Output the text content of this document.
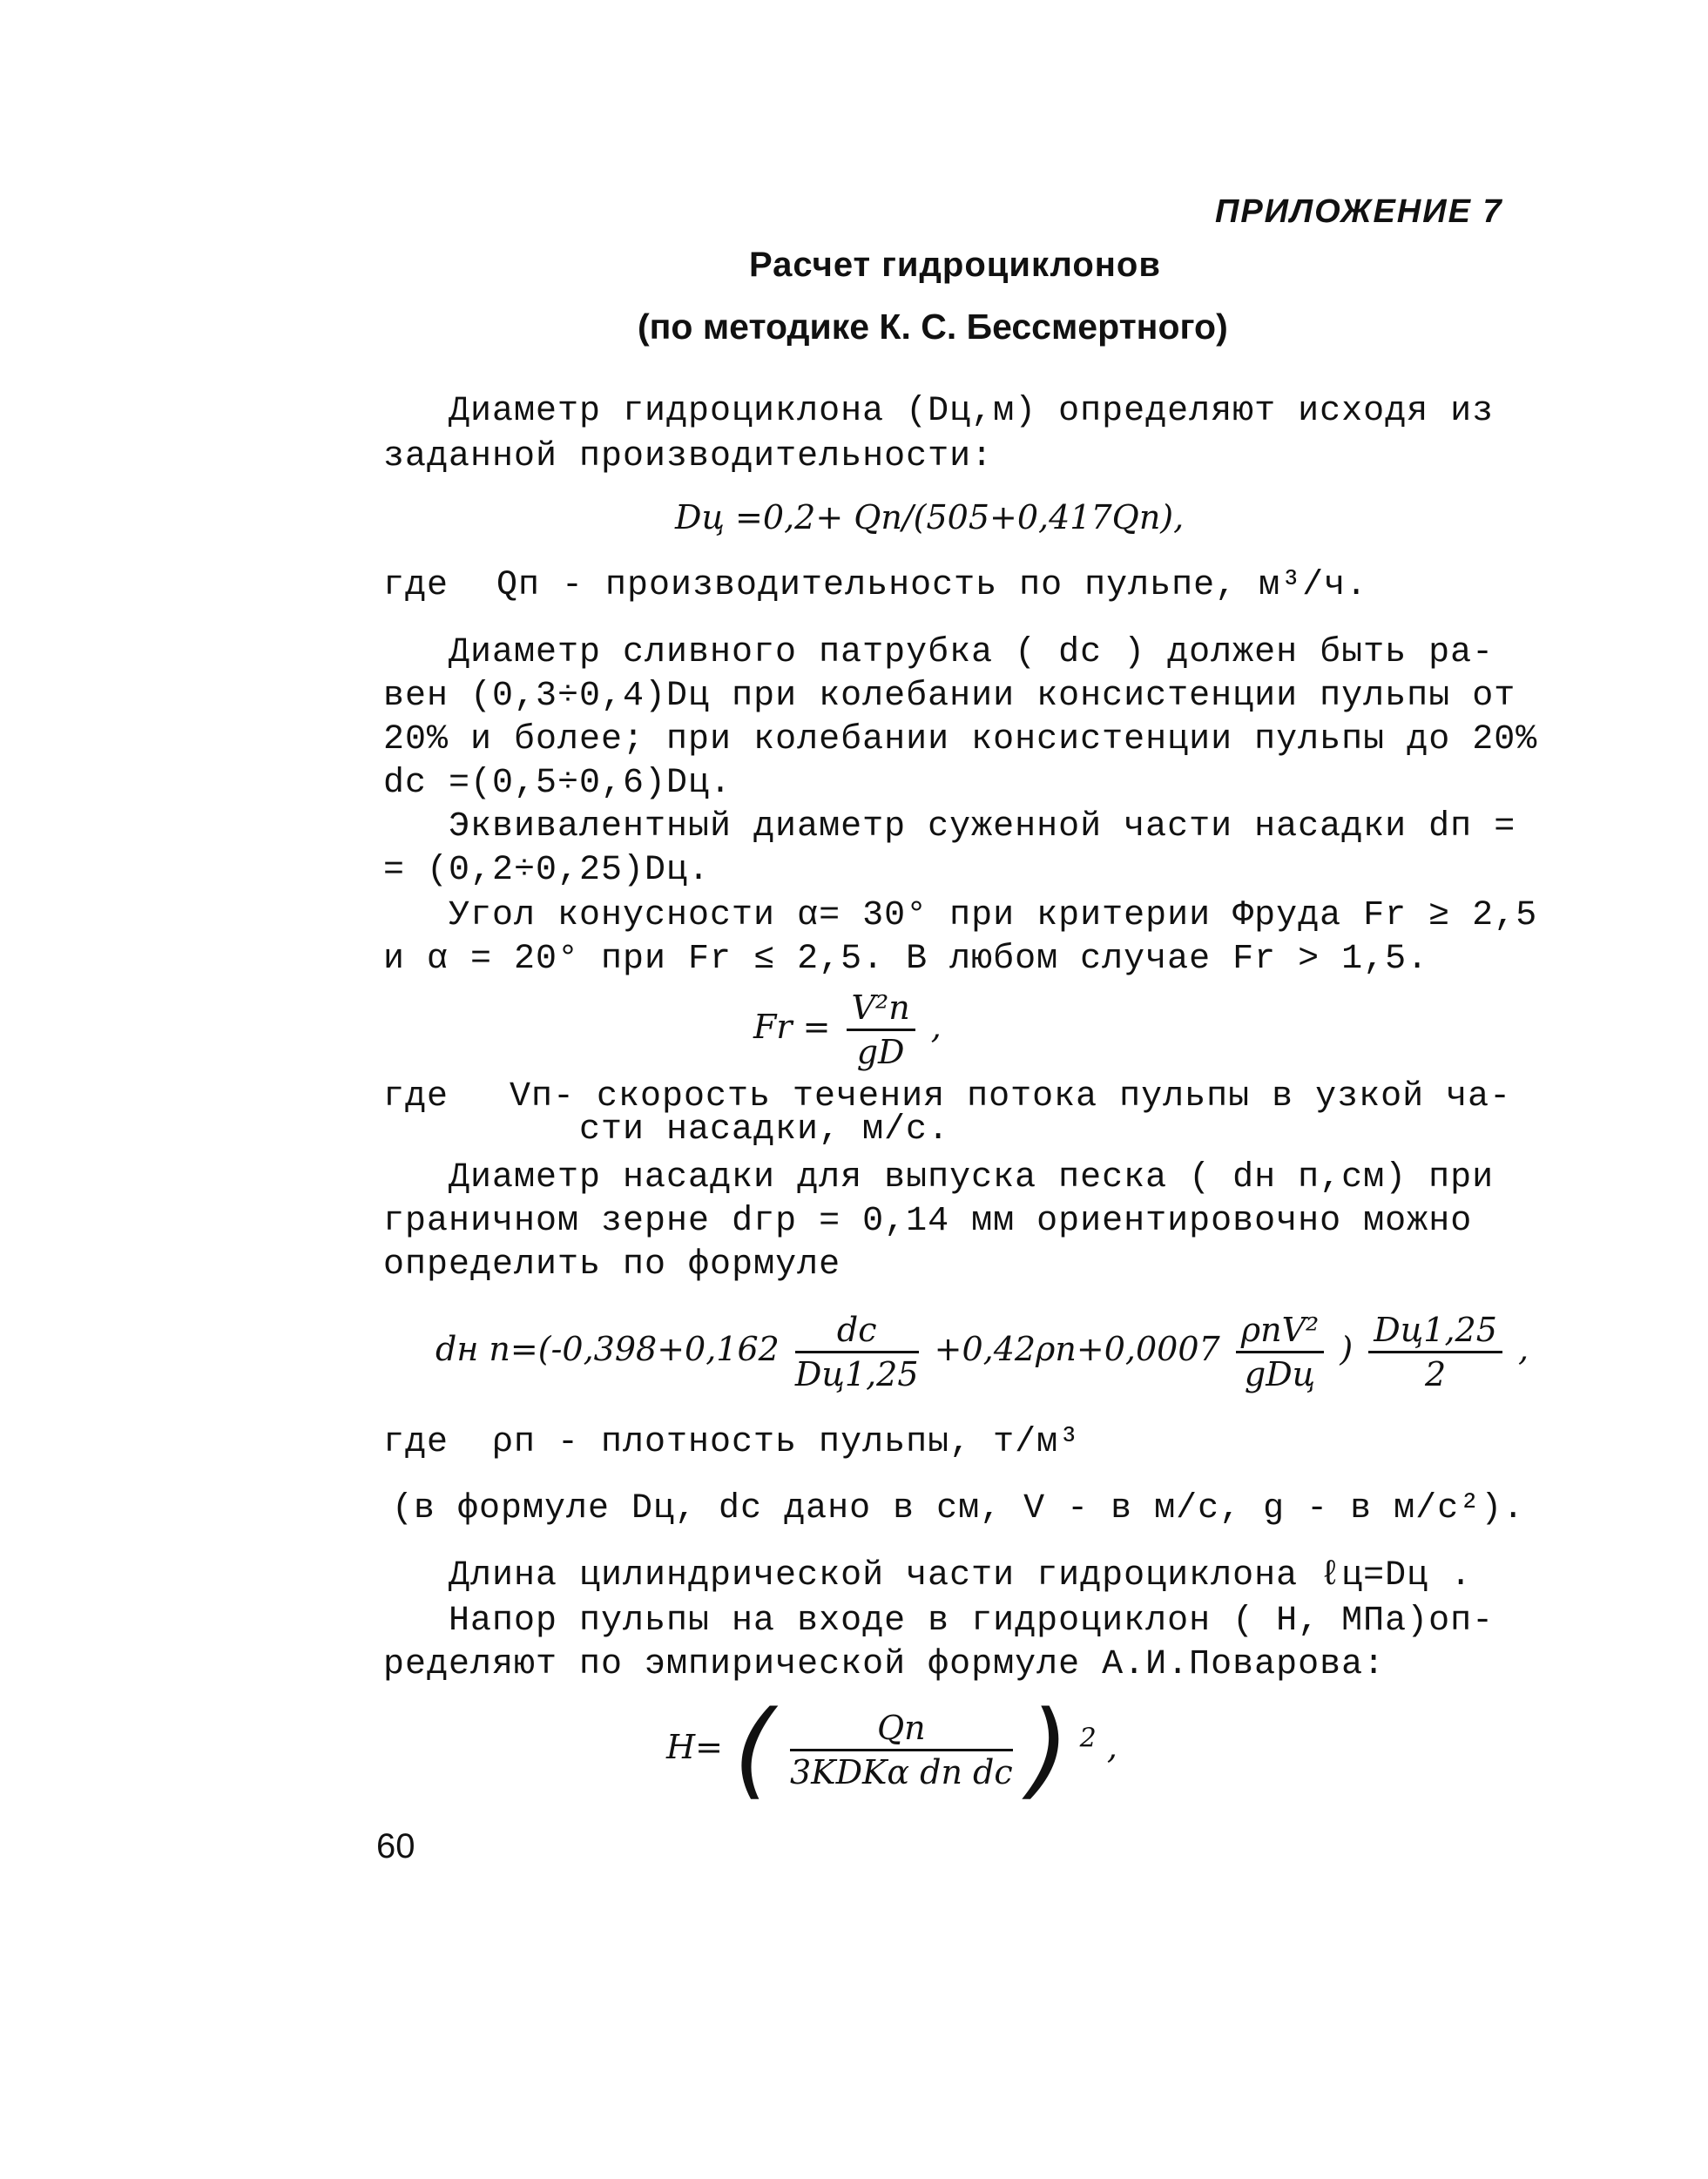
ПРИЛОЖЕНИЕ 7
Расчет гидроциклонов
(по методике К. С. Бессмертного)
Диаметр гидроциклона (Dц,м) определяют исходя из
заданной производительности:
Dц =0,2+ Qп/(505+0,417Qп),
где Qп - производительность по пульпе, м³/ч.
Диаметр сливного патрубка ( dс ) должен быть ра-
вен (0,3÷0,4)Dц при колебании консистенции пульпы от
20% и более; при колебании консистенции пульпы до 20%
dс =(0,5÷0,6)Dц.
Эквивалентный диаметр суженной части насадки dп =
= (0,2÷0,25)Dц.
Угол конусности α= 30° при критерии Фруда Fr ≥ 2,5
и α = 20° при Fr ≤ 2,5. В любом случае Fr > 1,5.
$Fr = \frac{\text{V²п}}{gD}$ ,
где Vп- скорость течения потока пульпы в узкой ча-
сти насадки, м/с.
Диаметр насадки для выпуска песка ( dн п,см) при
граничном зерне dгр = 0,14 мм ориентировочно можно
определить по формуле
dн $п=(-0,398+0,162 \frac{dс}{Dц1,25} +0,42\rho п+0,0007 \frac{\text{ρпV²}}{\text{gDц}}$ ) $\frac{Dц1,25}{2}$ ,
где ρп - плотность пульпы, т/м³
(в формуле Dц, dс дано в см, V - в м/с, g - в м/с²).
Длина цилиндрической части гидроциклона ℓц=Dц .
Напор пульпы на входе в гидроциклон ( H, МПа)оп-
ределяют по эмпирической формуле А.И.Поварова:
H= ( $\frac{Qп}{\text{3KDKα dп dс}}$ ) $^2$ ,
60
